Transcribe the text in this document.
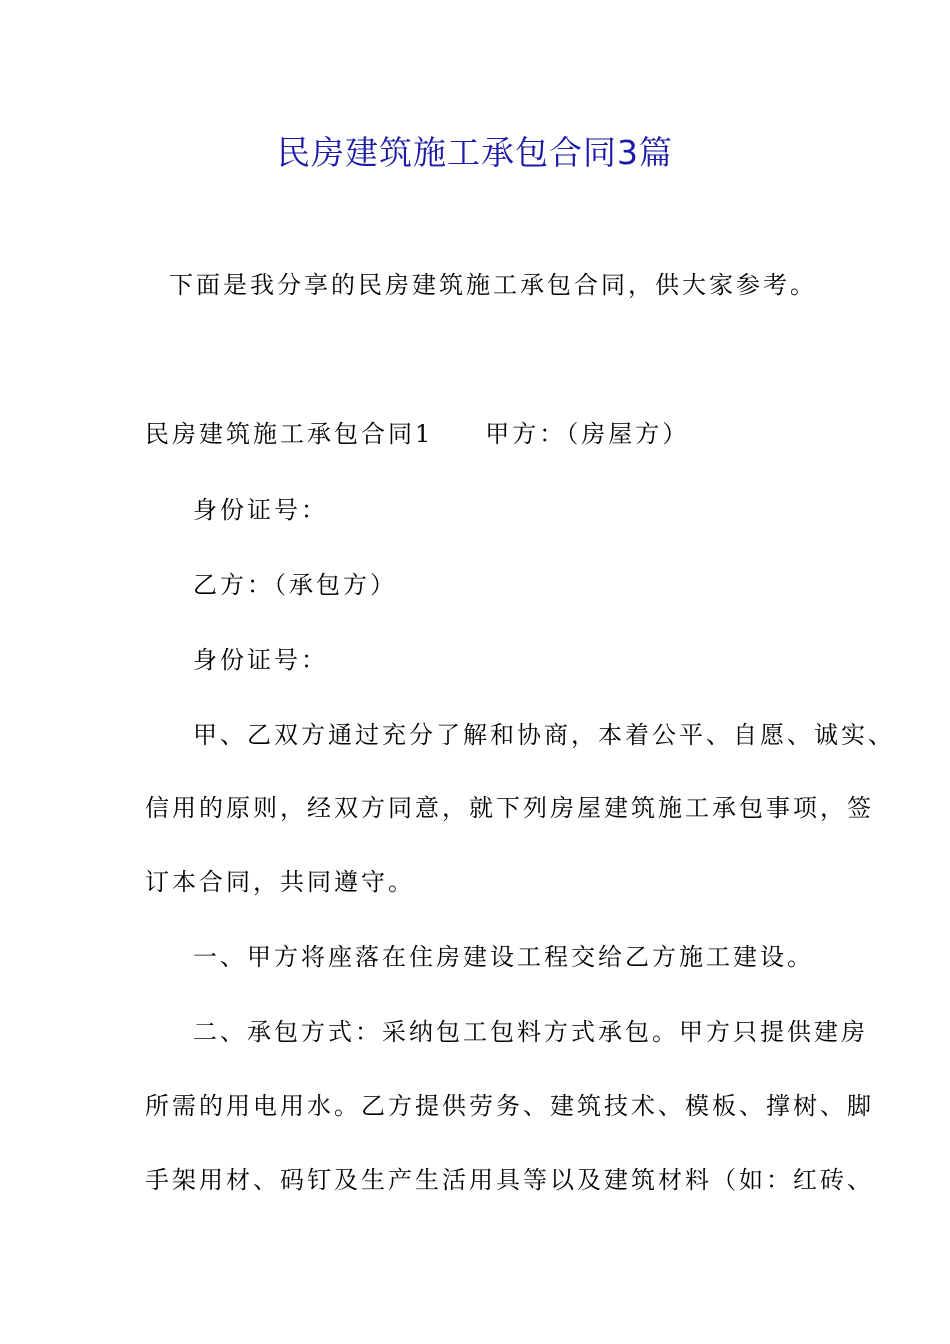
民房建筑施工承包合同3篇
下面是我分享的民房建筑施工承包合同，供大家参考。
民房建筑施工承包合同1 甲方：（房屋方）
身份证号：
乙方：（承包方）
身份证号：
甲、乙双方通过充分了解和协商，本着公平、自愿、诚实、
信用的原则，经双方同意，就下列房屋建筑施工承包事项，签
订本合同，共同遵守。
一、甲方将座落在住房建设工程交给乙方施工建设。
二、承包方式：采纳包工包料方式承包。甲方只提供建房
所需的用电用水。乙方提供劳务、建筑技术、模板、撑树、脚
手架用材、码钉及生产生活用具等以及建筑材料（如：红砖、
